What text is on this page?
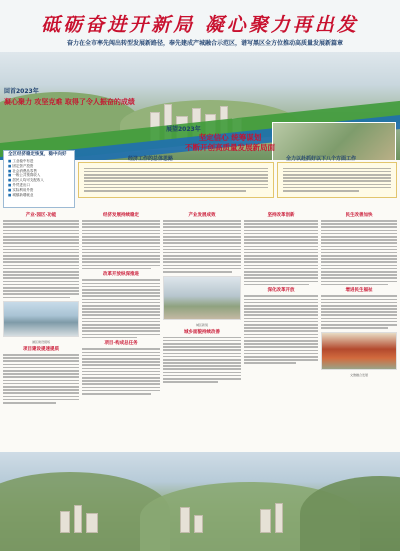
砥砺奋进开新局 凝心聚力再出发
奋力在全市率先闯出转型发展新路径，奉先建成产城融合示范区，谱写黑区全方位推动高质量发展新篇章
回首2023年
凝心聚力 攻坚克难 取得了令人振奋的成绩
展望2023年
坚定信心 统筹谋划
不断开创高质量发展新局面
全区经济稳定恢复，稳中向好
■ 工业稳中有进
■ 固定资产投资
■ 社会消费品零售
■ 一般公共预算收入
■ 居民人均可支配收入
■ 外贸进出口
■ 实际利用外资
■ 城镇新增就业
经济工作的总体思路	全力以赴抓好以下八个方面工作
产业·园区·功能
港区建设现场
项目建设提速提质
经济发展持续稳定
改革开放纵深推进
项目·构成总任务
产业发展成效
城区新貌
城乡面貌持续改善
坚持改革创新
深化改革开放
民生改善加快
增进民生福祉
文旅融合发展
